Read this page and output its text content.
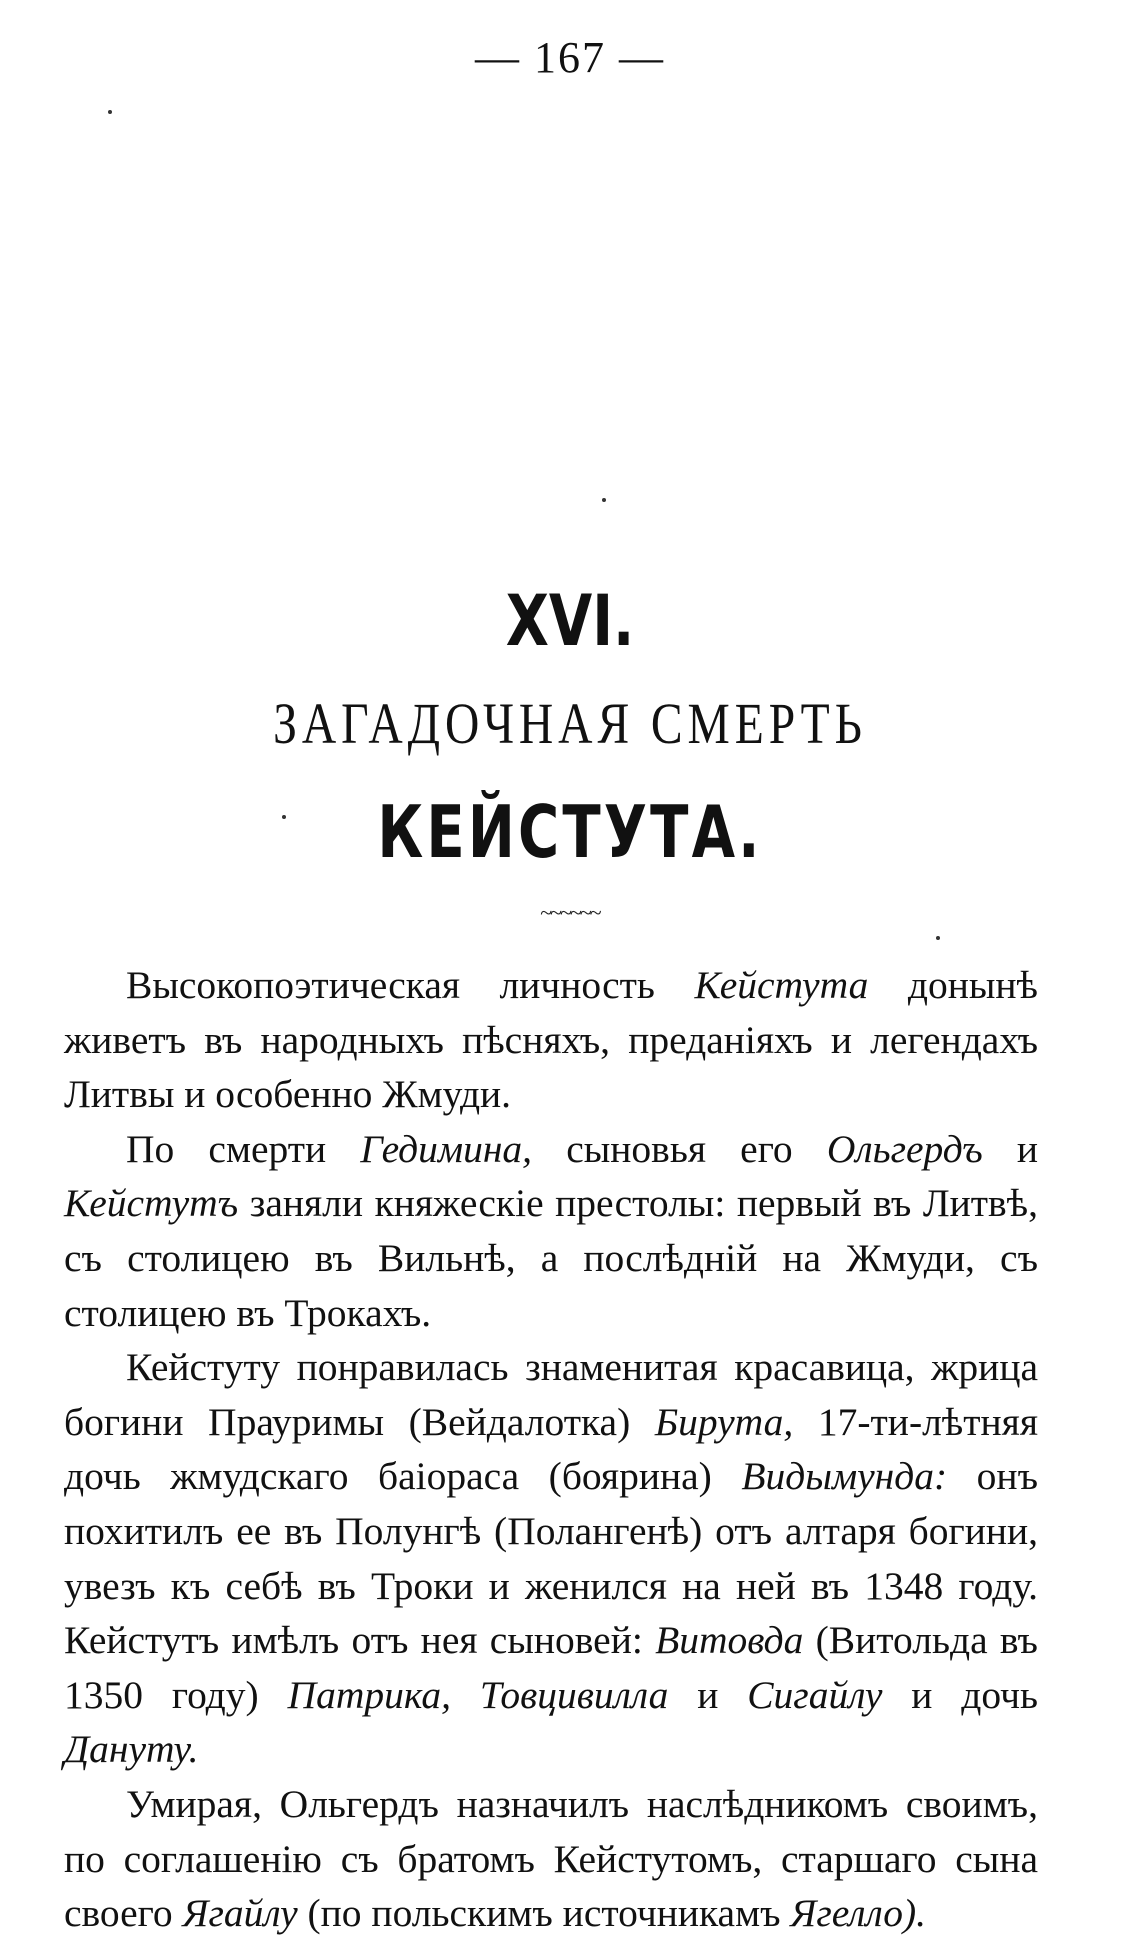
— 167 —
XVI.
ЗАГАДОЧНАЯ СМЕРТЬ
КЕЙСТУТА.
~~~~~~

Высокопоэтическая личность Кейстута донынѣ живетъ въ народныхъ пѣсняхъ, преданіяхъ и легендахъ Литвы и особенно Жмуди.

По смерти Гедимина, сыновья его Ольгердъ и Кейстутъ заняли княжескіе престолы: первый въ Литвѣ, съ столицею въ Вильнѣ, а послѣдній на Жмуди, съ столицею въ Трокахъ.

Кейстуту понравилась знаменитая красавица, жрица богини Прауримы (Вейдалотка) Бирута, 17-ти-лѣтняя дочь жмудскаго баіораса (боярина) Видымунда: онъ похитилъ ее въ Полунгѣ (Полангенѣ) отъ алтаря богини, увезъ къ себѣ въ Троки и женился на ней въ 1348 году. Кейстутъ имѣлъ отъ нея сыновей: Витовда (Витольда въ 1350 году) Патрика, Товцивилла и Сигайлу и дочь Дануту.

Умирая, Ольгердъ назначилъ наслѣдникомъ своимъ, по соглашенію съ братомъ Кейстутомъ, старшаго сына своего Ягайлу (по польскимъ источникамъ Ягелло).
